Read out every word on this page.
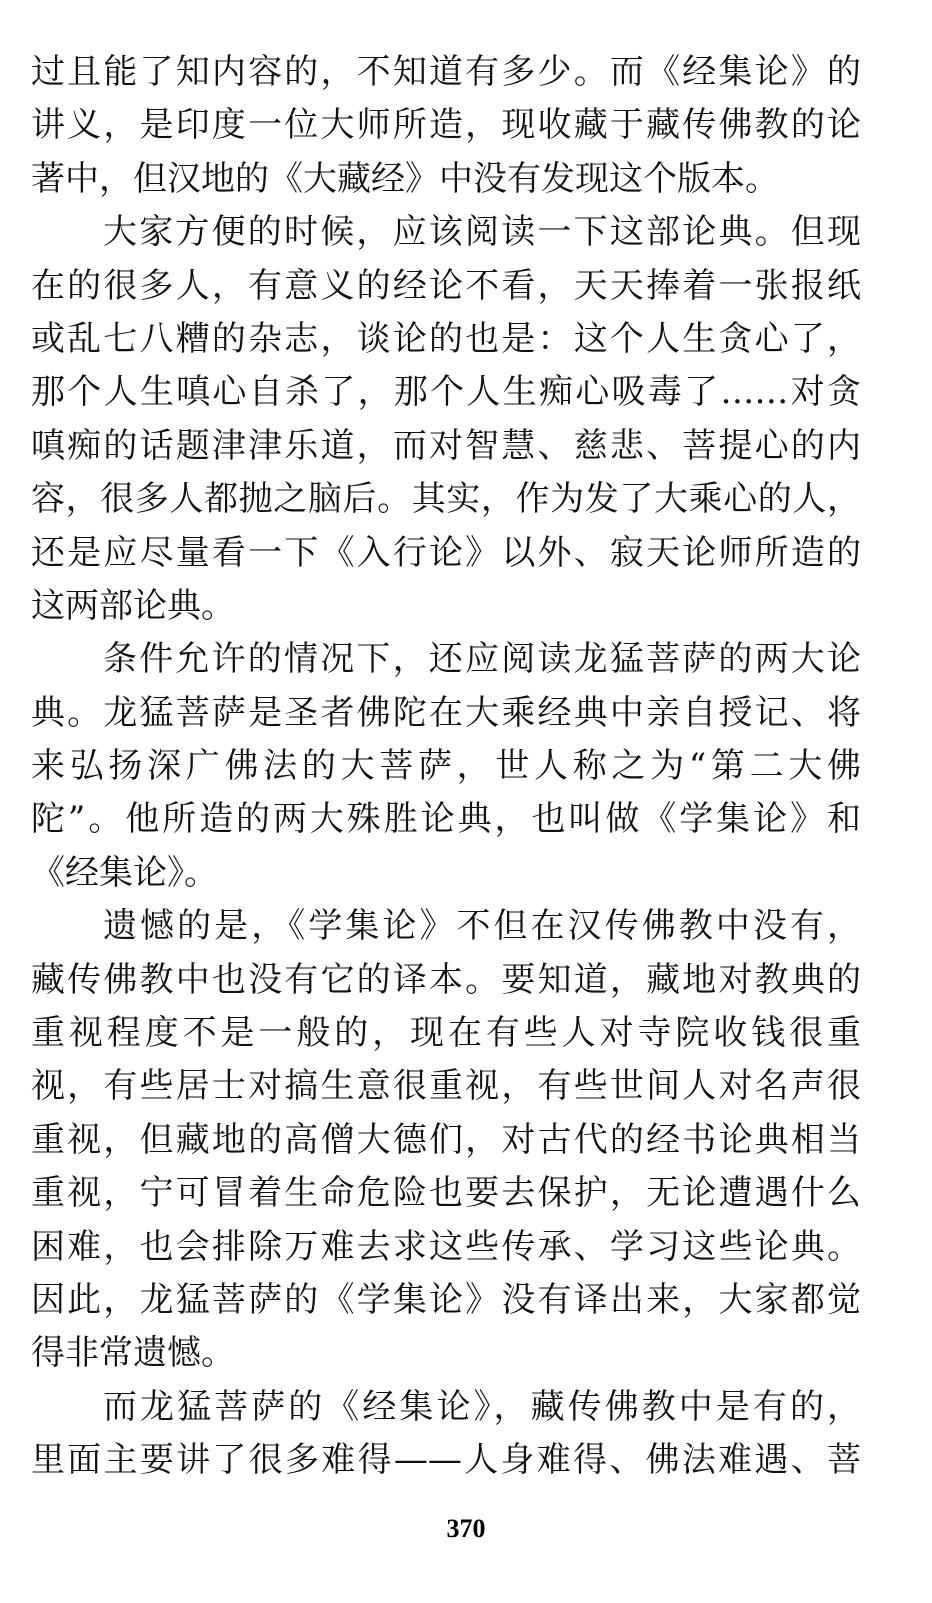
过且能了知内容的，不知道有多少。而《经集论》的
讲义，是印度一位大师所造，现收藏于藏传佛教的论
著中，但汉地的《大藏经》中没有发现这个版本。
大家方便的时候，应该阅读一下这部论典。但现
在的很多人，有意义的经论不看，天天捧着一张报纸
或乱七八糟的杂志，谈论的也是：这个人生贪心了，
那个人生嗔心自杀了，那个人生痴心吸毒了……对贪
嗔痴的话题津津乐道，而对智慧、慈悲、菩提心的内
容，很多人都抛之脑后。其实，作为发了大乘心的人，
还是应尽量看一下《入行论》以外、寂天论师所造的
这两部论典。
条件允许的情况下，还应阅读龙猛菩萨的两大论
典。龙猛菩萨是圣者佛陀在大乘经典中亲自授记、将
来弘扬深广佛法的大菩萨，世人称之为“第二大佛
陀”。他所造的两大殊胜论典，也叫做《学集论》和
《经集论》。
遗憾的是，《学集论》不但在汉传佛教中没有，
藏传佛教中也没有它的译本。要知道，藏地对教典的
重视程度不是一般的，现在有些人对寺院收钱很重
视，有些居士对搞生意很重视，有些世间人对名声很
重视，但藏地的高僧大德们，对古代的经书论典相当
重视，宁可冒着生命危险也要去保护，无论遭遇什么
困难，也会排除万难去求这些传承、学习这些论典。
因此，龙猛菩萨的《学集论》没有译出来，大家都觉
得非常遗憾。
而龙猛菩萨的《经集论》，藏传佛教中是有的，
里面主要讲了很多难得——人身难得、佛法难遇、菩
370
